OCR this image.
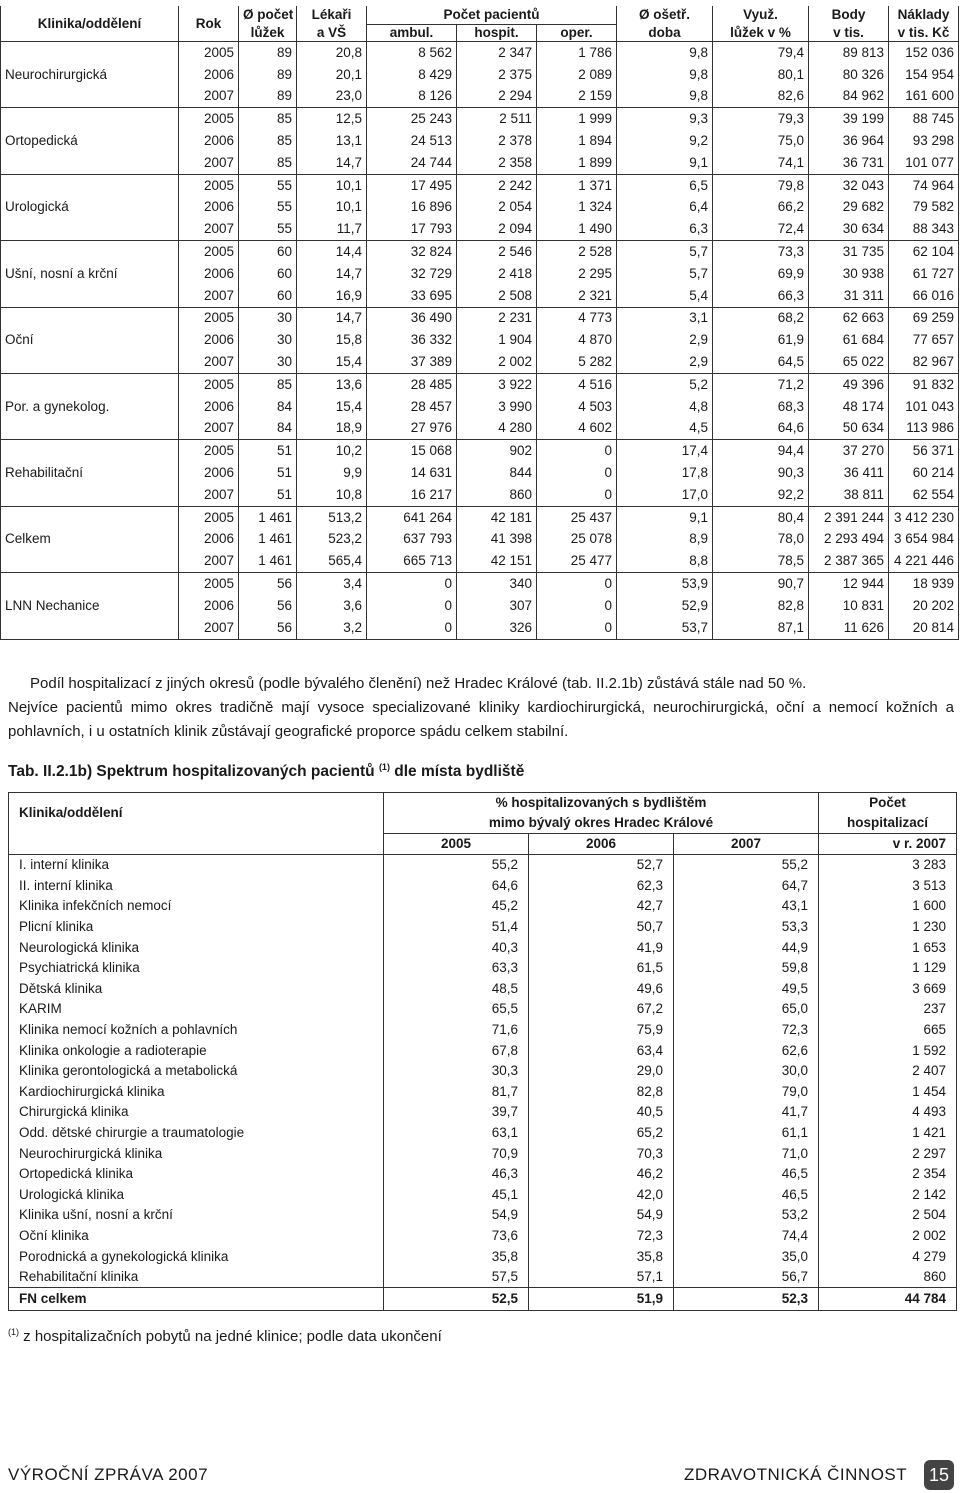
Klinika/oddělení	Rok	Ø počet	Lékaři	Počet pacientů			Ø ošetř.	Využ.	Body	Náklady
		lůžek	a VŠ	ambul.	hospit.	oper.	doba	lůžek v %	v tis.	v tis. Kč
Neurochirurgická	2005	89	20,8	8 562	2 347	1 786	9,8	79,4	89 813	152 036
	2006	89	20,1	8 429	2 375	2 089	9,8	80,1	80 326	154 954
	2007	89	23,0	8 126	2 294	2 159	9,8	82,6	84 962	161 600
Ortopedická	2005	85	12,5	25 243	2 511	1 999	9,3	79,3	39 199	88 745
	2006	85	13,1	24 513	2 378	1 894	9,2	75,0	36 964	93 298
	2007	85	14,7	24 744	2 358	1 899	9,1	74,1	36 731	101 077
Urologická	2005	55	10,1	17 495	2 242	1 371	6,5	79,8	32 043	74 964
	2006	55	10,1	16 896	2 054	1 324	6,4	66,2	29 682	79 582
	2007	55	11,7	17 793	2 094	1 490	6,3	72,4	30 634	88 343
Ušní, nosní a krční	2005	60	14,4	32 824	2 546	2 528	5,7	73,3	31 735	62 104
	2006	60	14,7	32 729	2 418	2 295	5,7	69,9	30 938	61 727
	2007	60	16,9	33 695	2 508	2 321	5,4	66,3	31 311	66 016
Oční	2005	30	14,7	36 490	2 231	4 773	3,1	68,2	62 663	69 259
	2006	30	15,8	36 332	1 904	4 870	2,9	61,9	61 684	77 657
	2007	30	15,4	37 389	2 002	5 282	2,9	64,5	65 022	82 967
Por. a gynekolog.	2005	85	13,6	28 485	3 922	4 516	5,2	71,2	49 396	91 832
	2006	84	15,4	28 457	3 990	4 503	4,8	68,3	48 174	101 043
	2007	84	18,9	27 976	4 280	4 602	4,5	64,6	50 634	113 986
Rehabilitační	2005	51	10,2	15 068	902	0	17,4	94,4	37 270	56 371
	2006	51	9,9	14 631	844	0	17,8	90,3	36 411	60 214
	2007	51	10,8	16 217	860	0	17,0	92,2	38 811	62 554
Celkem	2005	1 461	513,2	641 264	42 181	25 437	9,1	80,4	2 391 244	3 412 230
	2006	1 461	523,2	637 793	41 398	25 078	8,9	78,0	2 293 494	3 654 984
	2007	1 461	565,4	665 713	42 151	25 477	8,8	78,5	2 387 365	4 221 446
LNN Nechanice	2005	56	3,4	0	340	0	53,9	90,7	12 944	18 939
	2006	56	3,6	0	307	0	52,9	82,8	10 831	20 202
	2007	56	3,2	0	326	0	53,7	87,1	11 626	20 814
Podíl hospitalizací z jiných okresů (podle bývalého členění) než Hradec Králové (tab. II.2.1b) zůstává stále nad 50 %.
Nejvíce pacientů mimo okres tradičně mají vysoce specializované kliniky kardiochirurgická, neurochirurgická, oční a nemocí kožních a pohlavních, i u ostatních klinik zůstávají geografické proporce spádu celkem stabilní.
Tab. II.2.1b) Spektrum hospitalizovaných pacientů $^{(1)}$ dle místa bydliště
Klinika/oddělení	% hospitalizovaných s bydlištěm			Počet
	mimo bývalý okres Hradec Králové			hospitalizací
	2005	2006	2007	v r. 2007
I. interní klinika	55,2	52,7	55,2	3 283
II. interní klinika	64,6	62,3	64,7	3 513
Klinika infekčních nemocí	45,2	42,7	43,1	1 600
Plicní klinika	51,4	50,7	53,3	1 230
Neurologická klinika	40,3	41,9	44,9	1 653
Psychiatrická klinika	63,3	61,5	59,8	1 129
Dětská klinika	48,5	49,6	49,5	3 669
KARIM	65,5	67,2	65,0	237
Klinika nemocí kožních a pohlavních	71,6	75,9	72,3	665
Klinika onkologie a radioterapie	67,8	63,4	62,6	1 592
Klinika gerontologická a metabolická	30,3	29,0	30,0	2 407
Kardiochirurgická klinika	81,7	82,8	79,0	1 454
Chirurgická klinika	39,7	40,5	41,7	4 493
Odd. dětské chirurgie a traumatologie	63,1	65,2	61,1	1 421
Neurochirurgická klinika	70,9	70,3	71,0	2 297
Ortopedická klinika	46,3	46,2	46,5	2 354
Urologická klinika	45,1	42,0	46,5	2 142
Klinika ušní, nosní a krční	54,9	54,9	53,2	2 504
Oční klinika	73,6	72,3	74,4	2 002
Porodnická a gynekologická klinika	35,8	35,8	35,0	4 279
Rehabilitační klinika	57,5	57,1	56,7	860
FN celkem	52,5	51,9	52,3	44 784
$^{(1)}$ z hospitalizačních pobytů na jedné klinice; podle data ukončení
VÝROČNÍ ZPRÁVA 2007	ZDRAVOTNICKÁ ČINNOST 15
